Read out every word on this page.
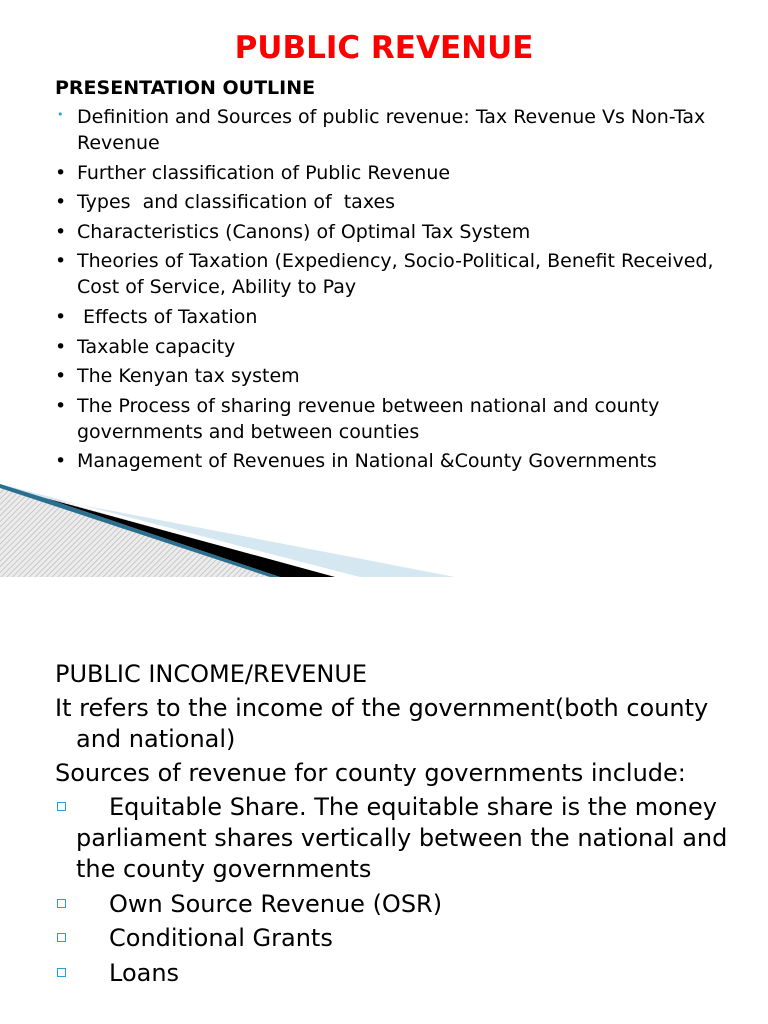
PUBLIC REVENUE
PRESENTATION OUTLINE
• Definition and Sources of public revenue: Tax Revenue Vs Non-Tax Revenue
• Further classification of Public Revenue
• Types  and classification of  taxes
• Characteristics (Canons) of Optimal Tax System
• Theories of Taxation (Expediency, Socio-Political, Benefit Received, Cost of Service, Ability to Pay
• Effects of Taxation
• Taxable capacity
• The Kenyan tax system
• The Process of sharing revenue between national and county governments and between counties
• Management of Revenues in National &County Governments
PUBLIC INCOME/REVENUE
It refers to the income of the government(both county and national)
Sources of revenue for county governments include:
Equitable Share. The equitable share is the money parliament shares vertically between the national and the county governments
Own Source Revenue (OSR)
Conditional Grants
Loans
